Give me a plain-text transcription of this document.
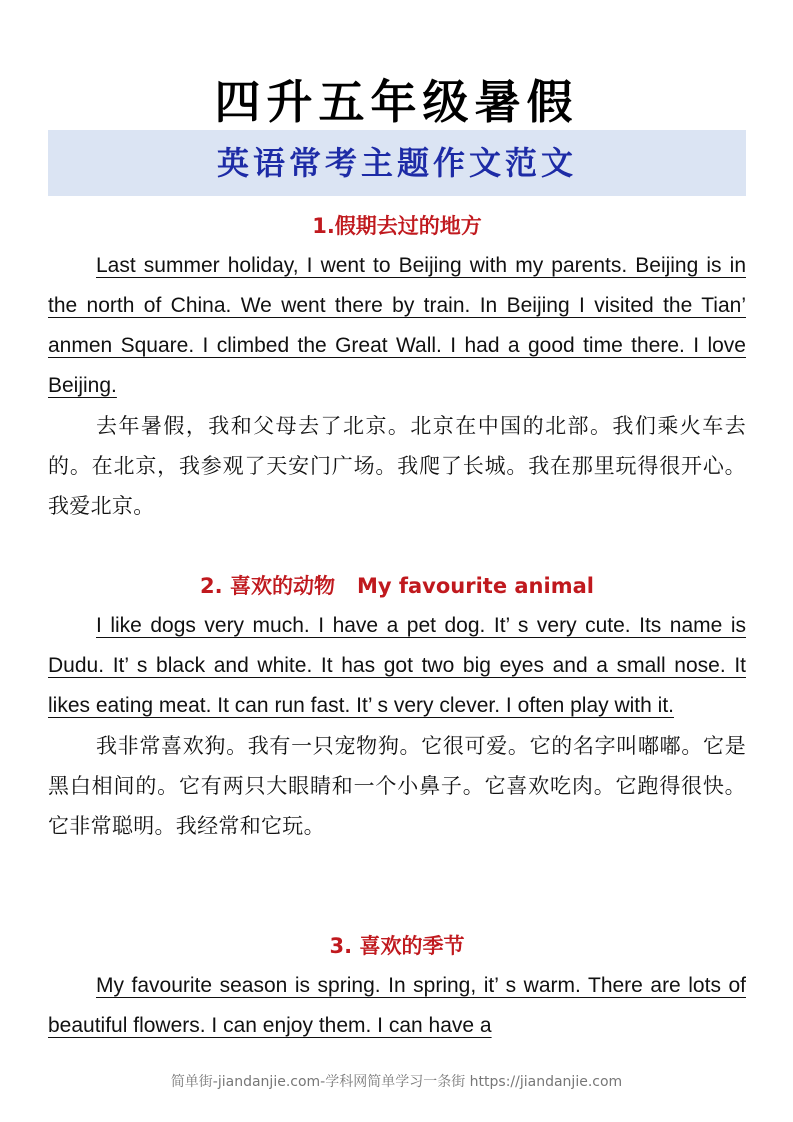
四升五年级暑假
英语常考主题作文范文
1.假期去过的地方

Last summer holiday, I went to Beijing with my parents. Beijing is in the north of China. We went there by train. In Beijing I visited the Tian’ anmen Square. I climbed the Great Wall. I had a good time there. I love Beijing.

去年暑假，我和父母去了北京。北京在中国的北部。我们乘火车去的。在北京，我参观了天安门广场。我爬了长城。我在那里玩得很开心。我爱北京。

2. 喜欢的动物 My favourite animal

I like dogs very much. I have a pet dog. It’ s very cute. Its name is Dudu. It’ s black and white. It has got two big eyes and a small nose. It likes eating meat. It can run fast. It’ s very clever. I often play with it.

我非常喜欢狗。我有一只宠物狗。它很可爱。它的名字叫嘟嘟。它是黑白相间的。它有两只大眼睛和一个小鼻子。它喜欢吃肉。它跑得很快。它非常聪明。我经常和它玩。

3. 喜欢的季节

My favourite season is spring. In spring, it’ s warm. There are lots of beautiful flowers. I can enjoy them. I can have a

简单街-jiandanjie.com-学科网简单学习一条街 https://jiandanjie.com
